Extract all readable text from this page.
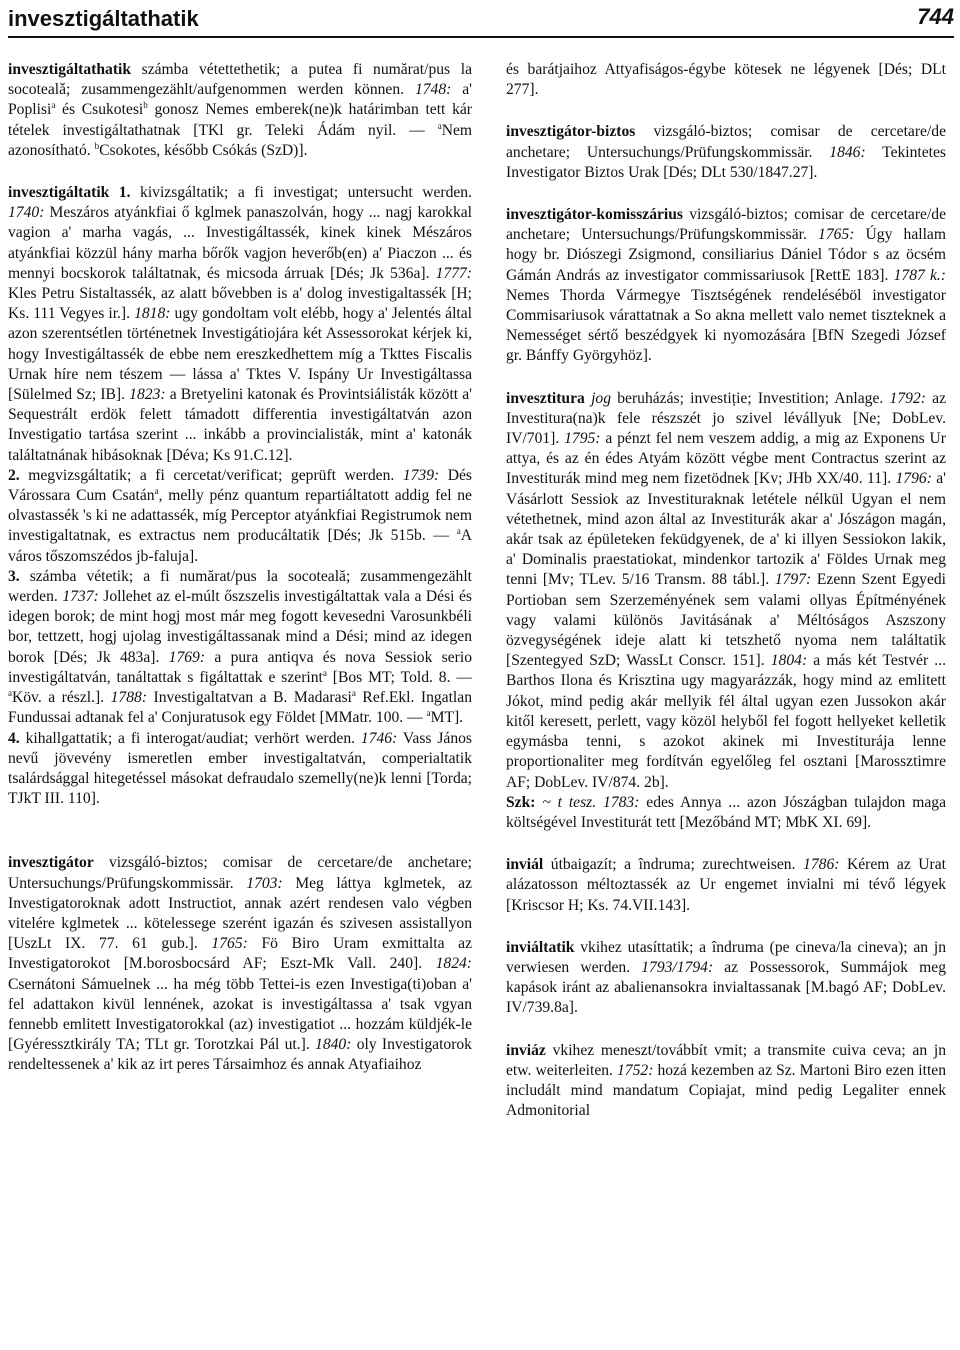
invesztigáltathatik	744

invesztigáltathatik számba vétettethetik; a putea fi numărat/pus la socotealǎ; zusammengezählt/aufgenommen werden können. 1748: a' Poplisi$^a$ és Csukotesi$^b$ gonosz Nemes emberek(ne)k határimban tett kár tételek investigáltathatnak [TKl gr. Teleki Ádám nyil. — $^a$Nem azonosítható. $^b$Csokotes, később Csókás (SzD)].

invesztigáltatik 1. kivizsgáltatik; a fi investigat; untersucht werden. 1740: Meszáros atyánkfiai ő kglmek panaszolván, hogy ... nagj karokkal vagion a' marha vagás, ... Investigáltassék, kinek kinek Mészáros atyánkfiai közzül hány marha bőrők vagjon heverőb(en) a' Piaczon ... és mennyi bocskorok találtatnak, és micsoda árruak [Dés; Jk 536a]. 1777: Kles Petru Sistaltassék, az alatt bővebben is a' dolog investigaltassék [H; Ks. 111 Vegyes ir.]. 1818: ugy gondoltam volt elébb, hogy a' Jelentés által azon szerentsétlen történetnek Investigátiojára két Assessorokat kérjek ki, hogy Investigáltassék de ebbe nem ereszkedhettem míg a Tkttes Fiscalis Urnak híre nem tészem — lássa a' Tktes V. Ispány Ur Investigáltassa [Sülelmed Sz; IB]. 1823: a Bretyelini katonak és Provintsiálisták között a' Sequestrált erdök felett támadott differentia investigáltatván azon Investigatio tartása szerint ... inkább a provincialisták, mint a' katonák találtatnának hibásoknak [Déva; Ks 91.C.12].
2. megvizsgáltatik; a fi cercetat/verificat; geprüft werden. 1739: Dés Várossara Cum Csatán$^a$, melly pénz quantum repartiáltatott addig fel ne olvastassék 's ki ne adattassék, míg Perceptor atyánkfiai Registrumok nem investigaltatnak, es extractus nem producáltatik [Dés; Jk 515b. — $^a$A város tőszomszédos jb-faluja].
3. számba vétetik; a fi numărat/pus la socoteală; zusammengezählt werden. 1737: Jollehet az el-múlt őszszelis investigáltattak vala a Dési és idegen borok; de mint hogj most már meg fogott kevesedni Varosunkbéli bor, tettzett, hogj ujolag investigáltassanak mind a Dési; mind az idegen borok [Dés; Jk 483a]. 1769: a pura antiqva és nova Sessiok serio investigáltatván, tanáltattak s figáltattak e szerint$^a$ [Bos MT; Told. 8. — $^a$Köv. a részl.]. 1788: Investigaltatvan a B. Madarasi$^a$ Ref.Ekl. Ingatlan Fundussai adtanak fel a' Conjuratusok egy Földet [MMatr. 100. — $^a$MT].
4. kihallgattatik; a fi interogat/audiat; verhört werden. 1746: Vass János nevű jövevény ismeretlen ember investigaltatván, comperialtatik tsalárdsággal hitegetéssel másokat defraudalo szemelly(ne)k lenni [Torda; TJkT III. 110].

invesztigátor vizsgáló-biztos; comisar de cercetare/de anchetare; Untersuchungs/Prüfungskommissär. 1703: Meg láttya kglmetek, az Investigatoroknak adott Instructiot, annak azért rendesen valo végben vitelére kglmetek ... kötelessege szerént igazán és szivesen assistallyon [UszLt IX. 77. 61 gub.]. 1765: Fö Biro Uram exmittalta az Investigatorokot [M.borosbocsárd AF; Eszt-Mk Vall. 240]. 1824: Csernátoni Sámuelnek ... ha még több Tettei-is ezen Investiga(ti)oban a' fel adattakon kivül lennének, azokat is investigáltassa a' tsak vgyan fennebb emlitett Investigatorokkal (az) investigatiot ... hozzám küldjék-le [Gyéressztkirály TA; TLt gr. Torotzkai Pál ut.]. 1840: oly Investigatorok rendeltessenek a' kik az irt peres Társaimhoz és annak Atyafiaihoz

és barátjaihoz Attyafiságos-égybe kötesek ne légyenek [Dés; DLt 277].

invesztigátor-biztos vizsgáló-biztos; comisar de cercetare/de anchetare; Untersuchungs/Prüfungskommissär. 1846: Tekintetes Investigator Biztos Urak [Dés; DLt 530/1847.27].

invesztigátor-komisszárius vizsgáló-biztos; comisar de cercetare/de anchetare; Untersuchungs/Prüfungskommissär. 1765: Úgy hallam hogy br. Diószegi Zsigmond, consiliarius Dániel Tódor s az öcsém Gámán András az investigator commissariusok [RettE 183]. 1787 k.: Nemes Thorda Vármegye Tisztségének rendeléséböl investigator Commisariusok várattatnak a So akna mellett valo nemet tiszteknek a Nemességet sértő beszédgyek ki nyomozására [BfN Szegedi József gr. Bánffy Györgyhöz].

invesztitura jog beruházás; investiție; Investition; Anlage. 1792: az Investitura(na)k fele részszét jo szivel lévállyuk [Ne; DobLev. IV/701]. 1795: a pénzt fel nem veszem addig, a mig az Exponens Ur attya, és az én édes Atyám között végbe ment Contractus szerint az Investiturák mind meg nem fizetödnek [Kv; JHb XX/40. 11]. 1796: a' Vásárlott Sessiok az Investituraknak letétele nélkül Ugyan el nem vétethetnek, mind azon által az Investiturák akar a' Jószágon magán, akár tsak az épületeken feküdgyenek, de a' ki illyen Sessiokon lakik, a' Dominalis praestatiokat, mindenkor tartozik a' Földes Urnak meg tenni [Mv; TLev. 5/16 Transm. 88 tábl.]. 1797: Ezenn Szent Egyedi Portioban sem Szerzeményének sem valami ollyas Építményének vagy valami különös Javitásának a' Méltóságos Aszszony özvegységének ideje alatt ki tetszhető nyoma nem találtatik [Szentegyed SzD; WassLt Conscr. 151]. 1804: a más két Testvér ... Barthos Ilona és Krisztina ugy magyarázzák, hogy mind az emlitett Jókot, mind pedig akár mellyik fél által ugyan ezen Jussokon akár kitől keresett, perlett, vagy közöl helyből fel fogott hellyeket kelletik egymásba tenni, s azokot akinek mi Investiturája lenne proportionaliter meg fordítván egyelőleg fel osztani [Marossztimre AF; DobLev. IV/874. 2b].
Szk: ~ t tesz. 1783: edes Annya ... azon Jószágban tulajdon maga költségével Investiturát tett [Mezőbánd MT; MbK XI. 69].

inviál útbaigazít; a îndruma; zurechtweisen. 1786: Kérem az Urat alázatosson méltoztassék az Ur engemet invialni mi tévő légyek [Kriscsor H; Ks. 74.VII.143].

inviáltatik vkihez utasíttatik; a îndruma (pe cineva/la cineva); an jn verwiesen werden. 1793/1794: az Possessorok, Summájok meg kapások iránt az abalienansokra invialtassanak [M.bagó AF; DobLev. IV/739.8a].

inviáz vkihez meneszt/továbbít vmit; a transmite cuiva ceva; an jn etw. weiterleiten. 1752: hozá kezemben az Sz. Martoni Biro ezen itten includált mind mandatum Copiajat, mind pedig Legaliter ennek Admonitorial
